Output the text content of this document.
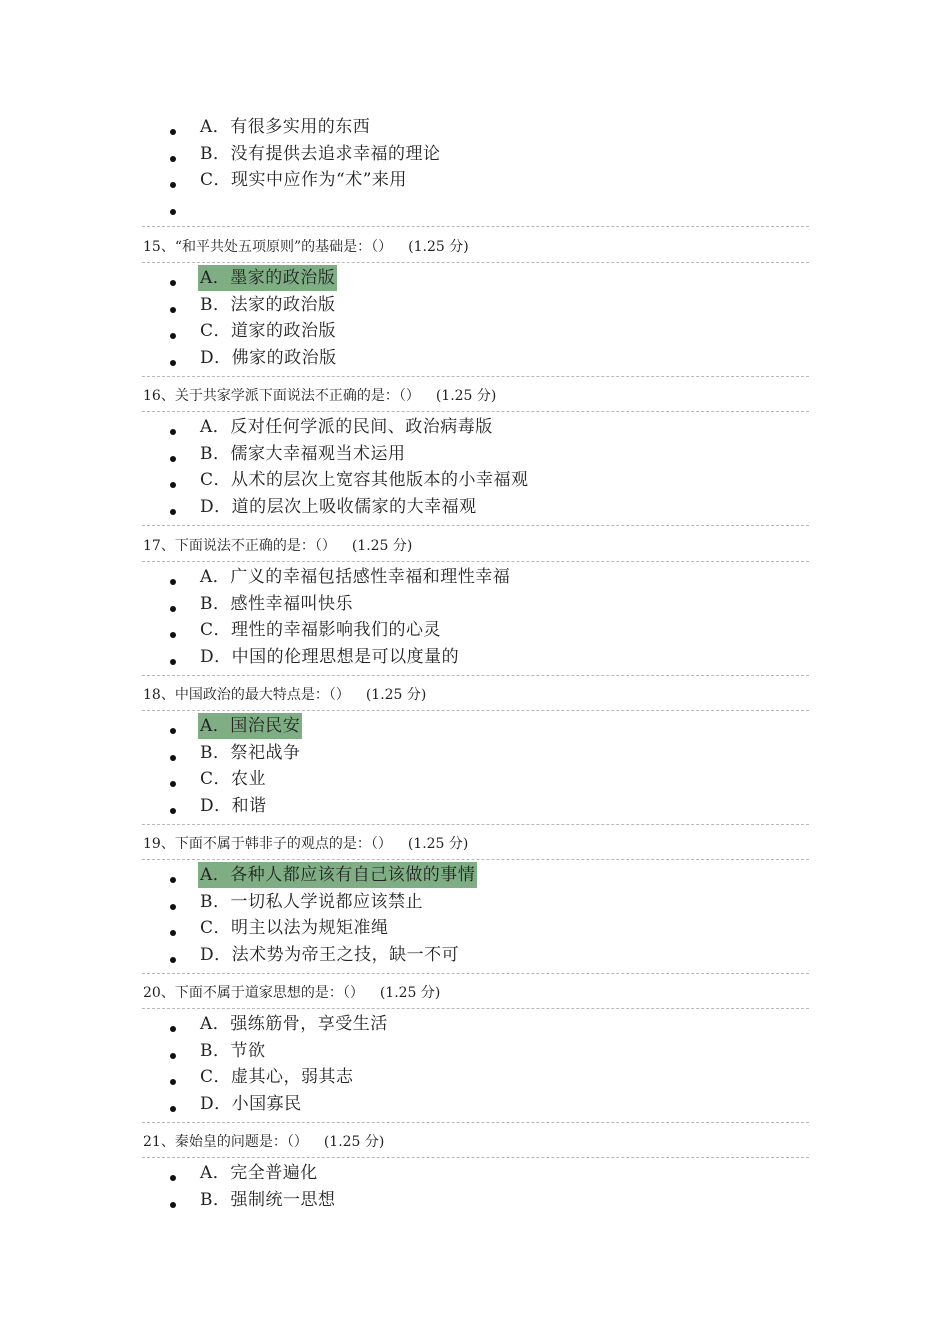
A．有很多实用的东西
B．没有提供去追求幸福的理论
C．现实中应作为“术”来用
15、“和平共处五项原则”的基础是：（） (1.25 分)
A．墨家的政治版
B．法家的政治版
C．道家的政治版
D．佛家的政治版
16、关于共家学派下面说法不正确的是：（） (1.25 分)
A．反对任何学派的民间、政治病毒版
B．儒家大幸福观当术运用
C．从术的层次上宽容其他版本的小幸福观
D．道的层次上吸收儒家的大幸福观
17、下面说法不正确的是：（） (1.25 分)
A．广义的幸福包括感性幸福和理性幸福
B．感性幸福叫快乐
C．理性的幸福影响我们的心灵
D．中国的伦理思想是可以度量的
18、中国政治的最大特点是：（） (1.25 分)
A．国治民安
B．祭祀战争
C．农业
D．和谐
19、下面不属于韩非子的观点的是：（） (1.25 分)
A．各种人都应该有自己该做的事情
B．一切私人学说都应该禁止
C．明主以法为规矩准绳
D．法术势为帝王之技，缺一不可
20、下面不属于道家思想的是：（） (1.25 分)
A．强练筋骨，享受生活
B．节欲
C．虚其心，弱其志
D．小国寡民
21、秦始皇的问题是：（） (1.25 分)
A．完全普遍化
B．强制统一思想
